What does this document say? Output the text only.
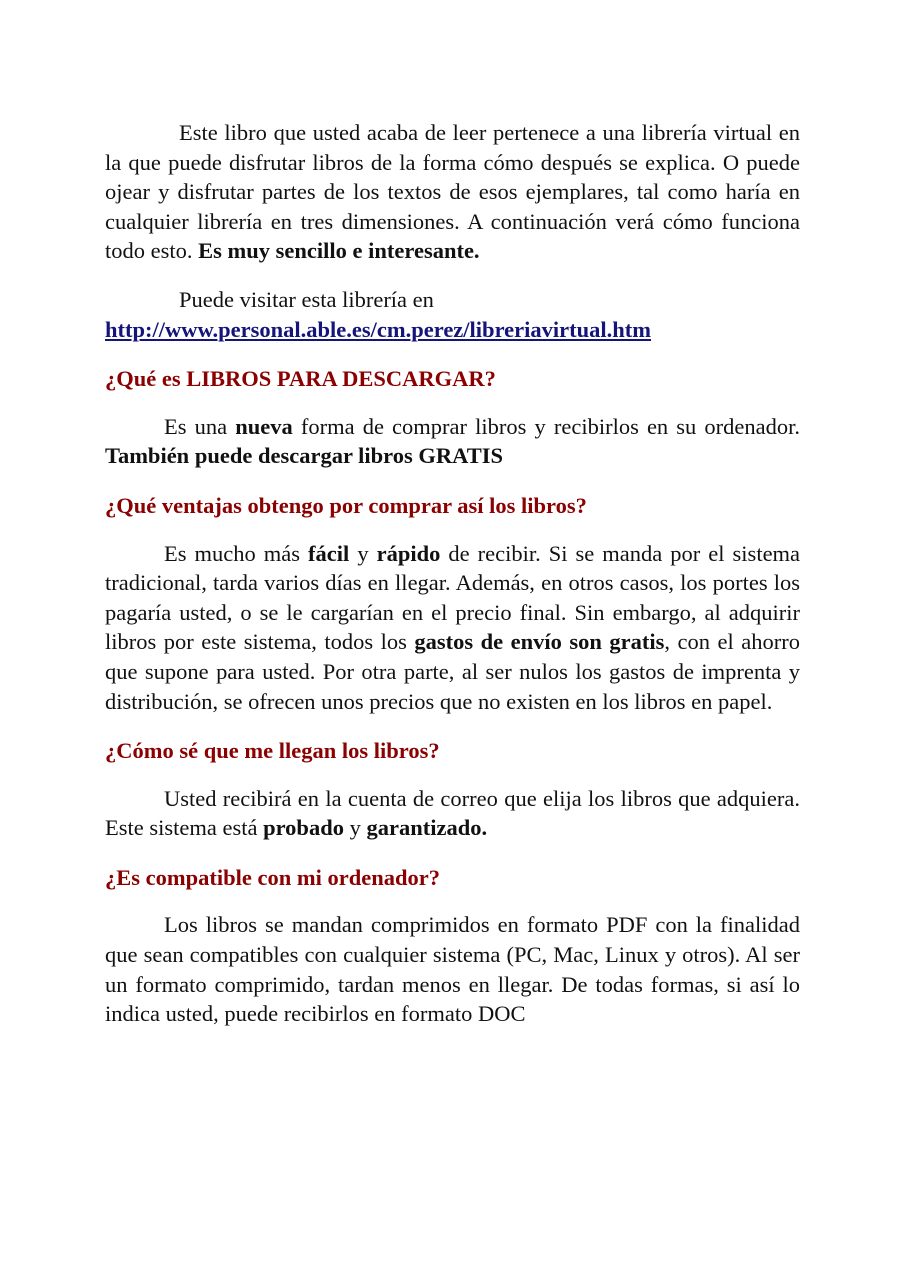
Este libro que usted acaba de leer pertenece a una librería virtual en la que puede disfrutar libros de la forma cómo después se explica. O puede ojear y disfrutar partes de los textos de esos ejemplares, tal como haría en cualquier librería en tres dimensiones. A continuación verá cómo funciona todo esto. Es muy sencillo e interesante.

Puede visitar esta librería en
http://www.personal.able.es/cm.perez/libreriavirtual.htm

¿Qué es LIBROS PARA DESCARGAR?

Es una nueva forma de comprar libros y recibirlos en su ordenador. También puede descargar libros GRATIS

¿Qué ventajas obtengo por comprar así los libros?

Es mucho más fácil y rápido de recibir. Si se manda por el sistema tradicional, tarda varios días en llegar. Además, en otros casos, los portes los pagaría usted, o se le cargarían en el precio final. Sin embargo, al adquirir libros por este sistema, todos los gastos de envío son gratis, con el ahorro que supone para usted. Por otra parte, al ser nulos los gastos de imprenta y distribución, se ofrecen unos precios que no existen en los libros en papel.

¿Cómo sé que me llegan los libros?

Usted recibirá en la cuenta de correo que elija los libros que adquiera. Este sistema está probado y garantizado.

¿Es compatible con mi ordenador?

Los libros se mandan comprimidos en formato PDF con la finalidad que sean compatibles con cualquier sistema (PC, Mac, Linux y otros). Al ser un formato comprimido, tardan menos en llegar. De todas formas, si así lo indica usted, puede recibirlos en formato DOC
